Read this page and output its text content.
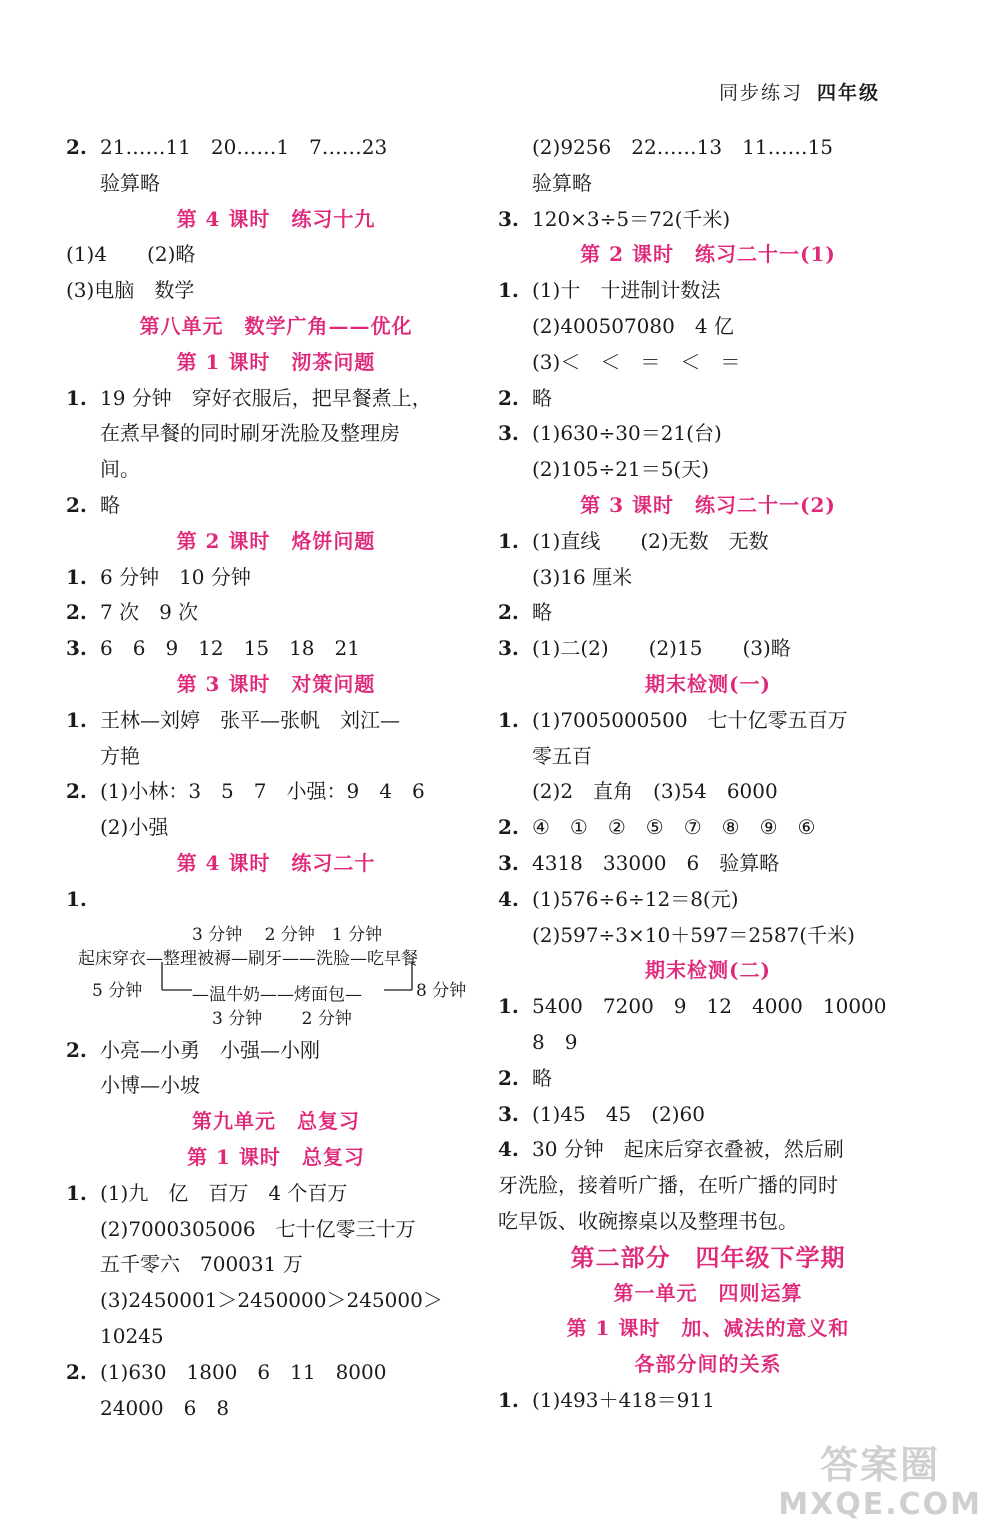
同步练习 四年级
2. 21……11　20……1　7……23
验算略
第 4 课时　练习十九
(1)4　　(2)略
(3)电脑　数学
第八单元　数学广角——优化
第 1 课时　沏茶问题
1. 19 分钟　穿好衣服后，把早餐煮上，
在煮早餐的同时刷牙洗脸及整理房
间。
2. 略
第 2 课时　烙饼问题
1. 6 分钟　10 分钟
2. 7 次　9 次
3. 6　6　9　12　15　18　21
第 3 课时　对策问题
1. 王林—刘婷　张平—张帆　刘江—
方艳
2. (1)小林：3　5　7　小强：9　4　6
(2)小强
第 4 课时　练习二十
1.
3 分钟　 2 分钟　1 分钟
起床穿衣—整理被褥—刷牙——洗脸—吃早餐
5 分钟	8 分钟
—温牛奶——烤面包—
3 分钟　　 2 分钟
2. 小亮—小勇　小强—小刚
小博—小坡
第九单元　总复习
第 1 课时　总复习
1. (1)九　亿　百万　4 个百万
(2)7000305006　七十亿零三十万
五千零六　700031 万
(3)2450001＞2450000＞245000＞
10245
2. (1)630　1800　6　11　8000
24000　6　8
(2)9256　22……13　11……15
验算略
3. 120×3÷5＝72(千米)
第 2 课时　练习二十一(1)
1. (1)十　十进制计数法
(2)400507080　4 亿
(3)＜　＜　＝　＜　＝
2. 略
3. (1)630÷30＝21(台)
(2)105÷21＝5(天)
第 3 课时　练习二十一(2)
1. (1)直线　　(2)无数　无数
(3)16 厘米
2. 略
3. (1)二(2)　　(2)15　　(3)略
期末检测(一)
1. (1)7005000500　七十亿零五百万
零五百
(2)2　直角　(3)54　6000
2. ④　①　②　⑤　⑦　⑧　⑨　⑥
3. 4318　33000　6　验算略
4. (1)576÷6÷12＝8(元)
(2)597÷3×10＋597＝2587(千米)
期末检测(二)
1. 5400　7200　9　12　4000　10000
8　9
2. 略
3. (1)45　45　(2)60
4. 30 分钟　起床后穿衣叠被，然后刷
牙洗脸，接着听广播，在听广播的同时
吃早饭、收碗擦桌以及整理书包。
第二部分　四年级下学期
第一单元　四则运算
第 1 课时　加、减法的意义和
各部分间的关系
1. (1)493＋418＝911
答案圈
MXQE.COM
